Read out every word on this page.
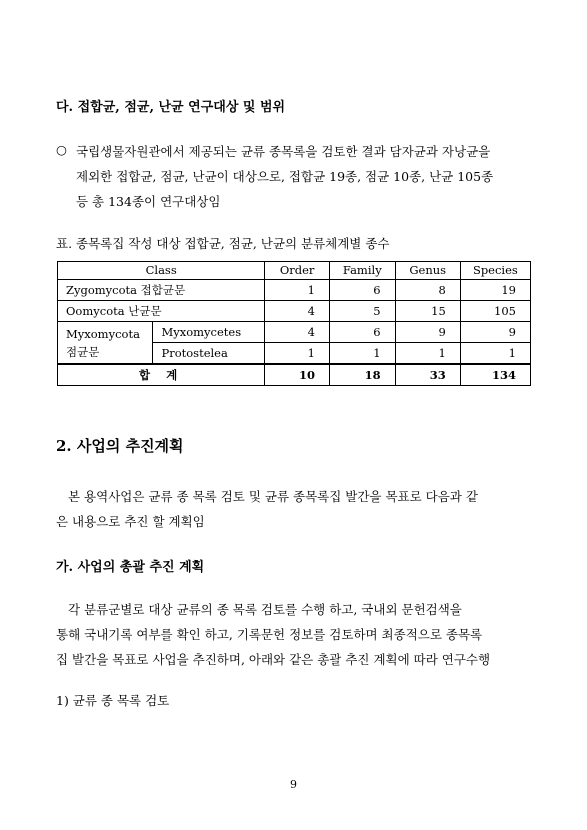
다. 접합균, 점균, 난균 연구대상 및 범위
○ 국립생물자원관에서 제공되는 균류 종목록을 검토한 결과 담자균과 자낭균을
제외한 접합균, 점균, 난균이 대상으로, 접합균 19종, 점균 10종, 난균 105종
등 총 134종이 연구대상임
표. 종목록집 작성 대상 접합균, 점균, 난균의 분류체계별 종수
Class		Order	Family	Genus	Species
Zygomycota 접합균문		1	6	8	19
Oomycota 난균문		4	5	15	105
Myxomycota
점균문	Myxomycetes	4	6	9	9
	Protostelea	1	1	1	1
합 계		10	18	33	134
2. 사업의 추진계획
본 용역사업은 균류 종 목록 검토 및 균류 종목록집 발간을 목표로 다음과 같
은 내용으로 추진 할 계획임
가. 사업의 총괄 추진 계획
각 분류군별로 대상 균류의 종 목록 검토를 수행 하고, 국내외 문헌검색을
통해 국내기록 여부를 확인 하고, 기록문헌 정보를 검토하며 최종적으로 종목록
집 발간을 목표로 사업을 추진하며, 아래와 같은 총괄 추진 계획에 따라 연구수행
1) 균류 종 목록 검토
9
